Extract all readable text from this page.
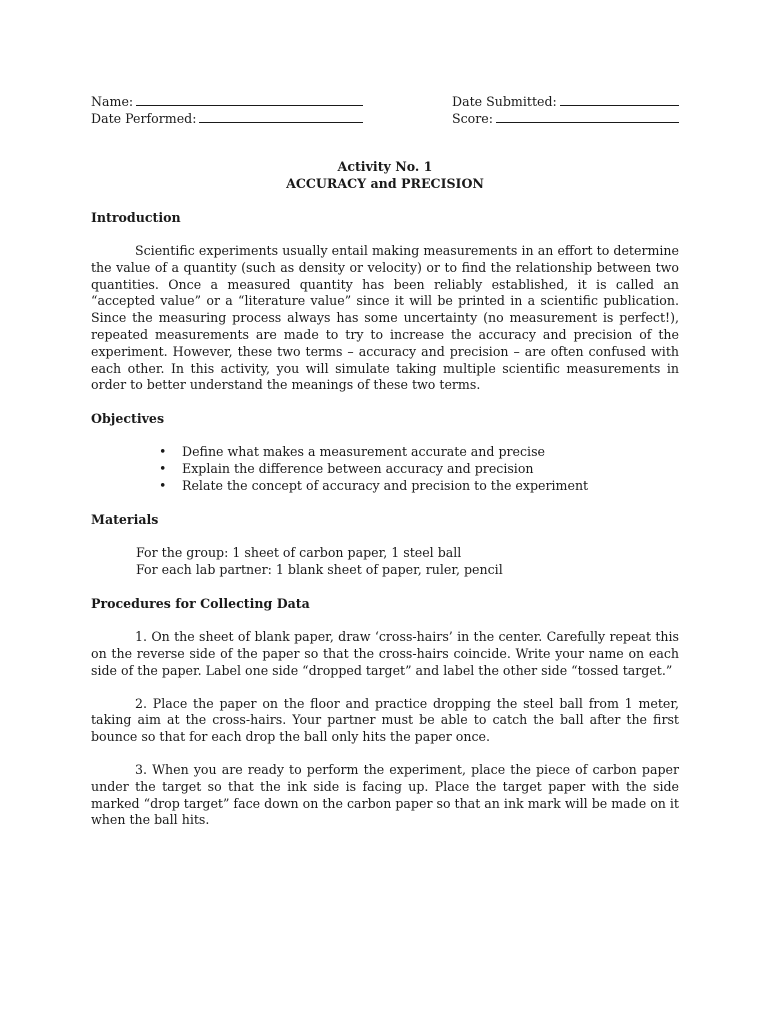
Name:	Date Submitted:
Date Performed:	Score:
Activity No. 1
ACCURACY and PRECISION
Introduction

Scientific experiments usually entail making measurements in an effort to determine the value of a quantity (such as density or velocity) or to find the relationship between two quantities. Once a measured quantity has been reliably established, it is called an “accepted value” or a “literature value” since it will be printed in a scientific publication. Since the measuring process always has some uncertainty (no measurement is perfect!), repeated measurements are made to try to increase the accuracy and precision of the experiment. However, these two terms – accuracy and precision – are often confused with each other. In this activity, you will simulate taking multiple scientific measurements in order to better understand the meanings of these two terms.

Objectives
• Define what makes a measurement accurate and precise
• Explain the difference between accuracy and precision
• Relate the concept of accuracy and precision to the experiment
Materials
For the group: 1 sheet of carbon paper, 1 steel ball
For each lab partner: 1 blank sheet of paper, ruler, pencil
Procedures for Collecting Data

1. On the sheet of blank paper, draw ‘cross-hairs’ in the center. Carefully repeat this on the reverse side of the paper so that the cross-hairs coincide. Write your name on each side of the paper. Label one side “dropped target” and label the other side “tossed target.”

2. Place the paper on the floor and practice dropping the steel ball from 1 meter, taking aim at the cross-hairs. Your partner must be able to catch the ball after the first bounce so that for each drop the ball only hits the paper once.

3. When you are ready to perform the experiment, place the piece of carbon paper under the target so that the ink side is facing up. Place the target paper with the side marked “drop target” face down on the carbon paper so that an ink mark will be made on it when the ball hits.
